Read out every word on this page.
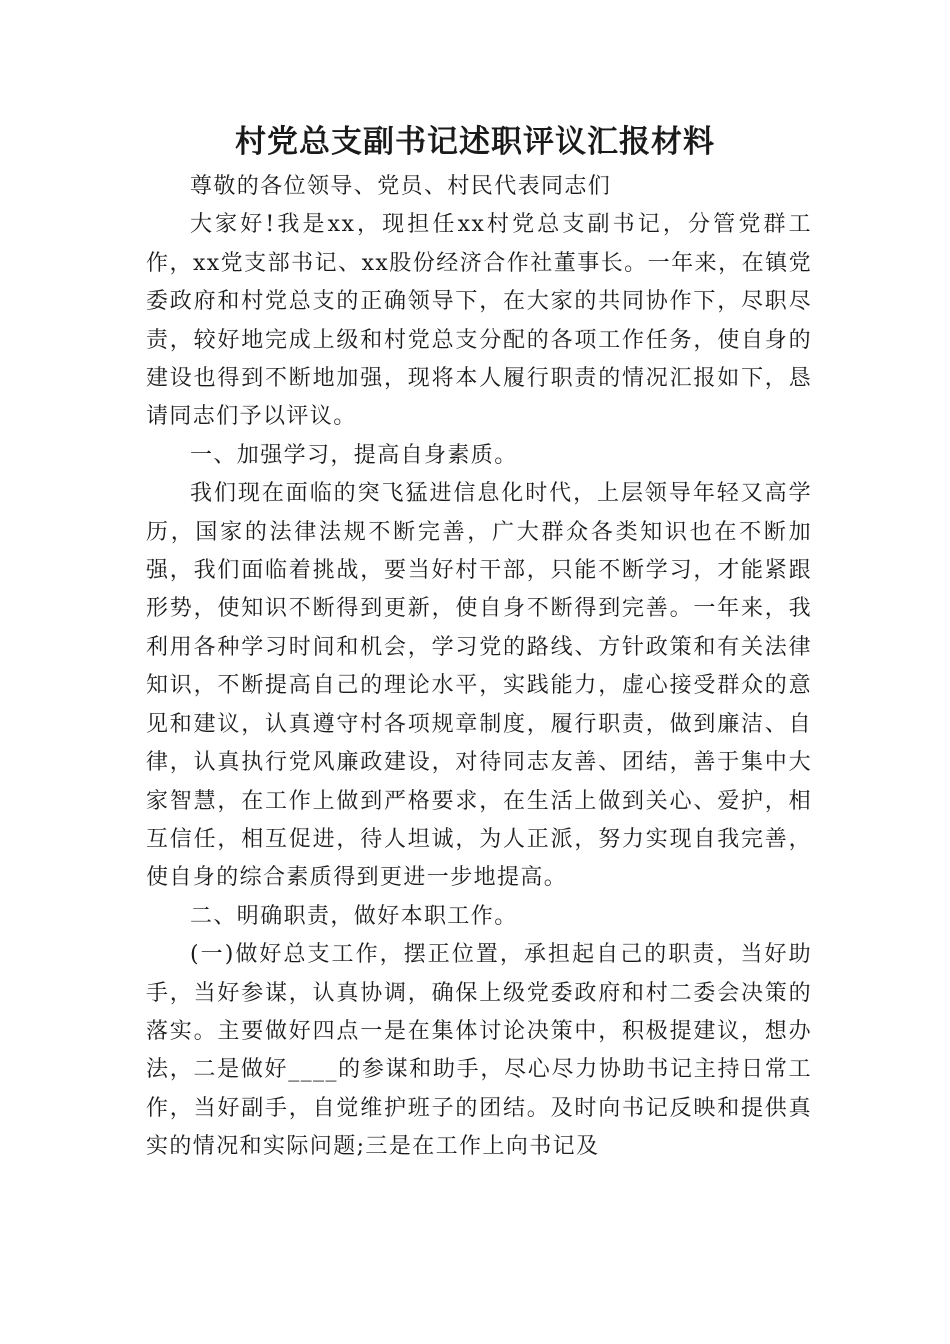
村党总支副书记述职评议汇报材料

尊敬的各位领导、党员、村民代表同志们

大家好!我是xx，现担任xx村党总支副书记，分管党群工作，xx党支部书记、xx股份经济合作社董事长。一年来，在镇党委政府和村党总支的正确领导下，在大家的共同协作下，尽职尽责，较好地完成上级和村党总支分配的各项工作任务，使自身的建设也得到不断地加强，现将本人履行职责的情况汇报如下，恳请同志们予以评议。

一、加强学习，提高自身素质。

我们现在面临的突飞猛进信息化时代，上层领导年轻又高学历，国家的法律法规不断完善，广大群众各类知识也在不断加强，我们面临着挑战，要当好村干部，只能不断学习，才能紧跟形势，使知识不断得到更新，使自身不断得到完善。一年来，我利用各种学习时间和机会，学习党的路线、方针政策和有关法律知识，不断提高自己的理论水平，实践能力，虚心接受群众的意见和建议，认真遵守村各项规章制度，履行职责，做到廉洁、自律，认真执行党风廉政建设，对待同志友善、团结，善于集中大家智慧，在工作上做到严格要求，在生活上做到关心、爱护，相互信任，相互促进，待人坦诚，为人正派，努力实现自我完善，使自身的综合素质得到更进一步地提高。

二、明确职责，做好本职工作。

(一)做好总支工作，摆正位置，承担起自己的职责，当好助手，当好参谋，认真协调，确保上级党委政府和村二委会决策的落实。主要做好四点一是在集体讨论决策中，积极提建议，想办法，二是做好____的参谋和助手，尽心尽力协助书记主持日常工作，当好副手，自觉维护班子的团结。及时向书记反映和提供真实的情况和实际问题;三是在工作上向书记及
